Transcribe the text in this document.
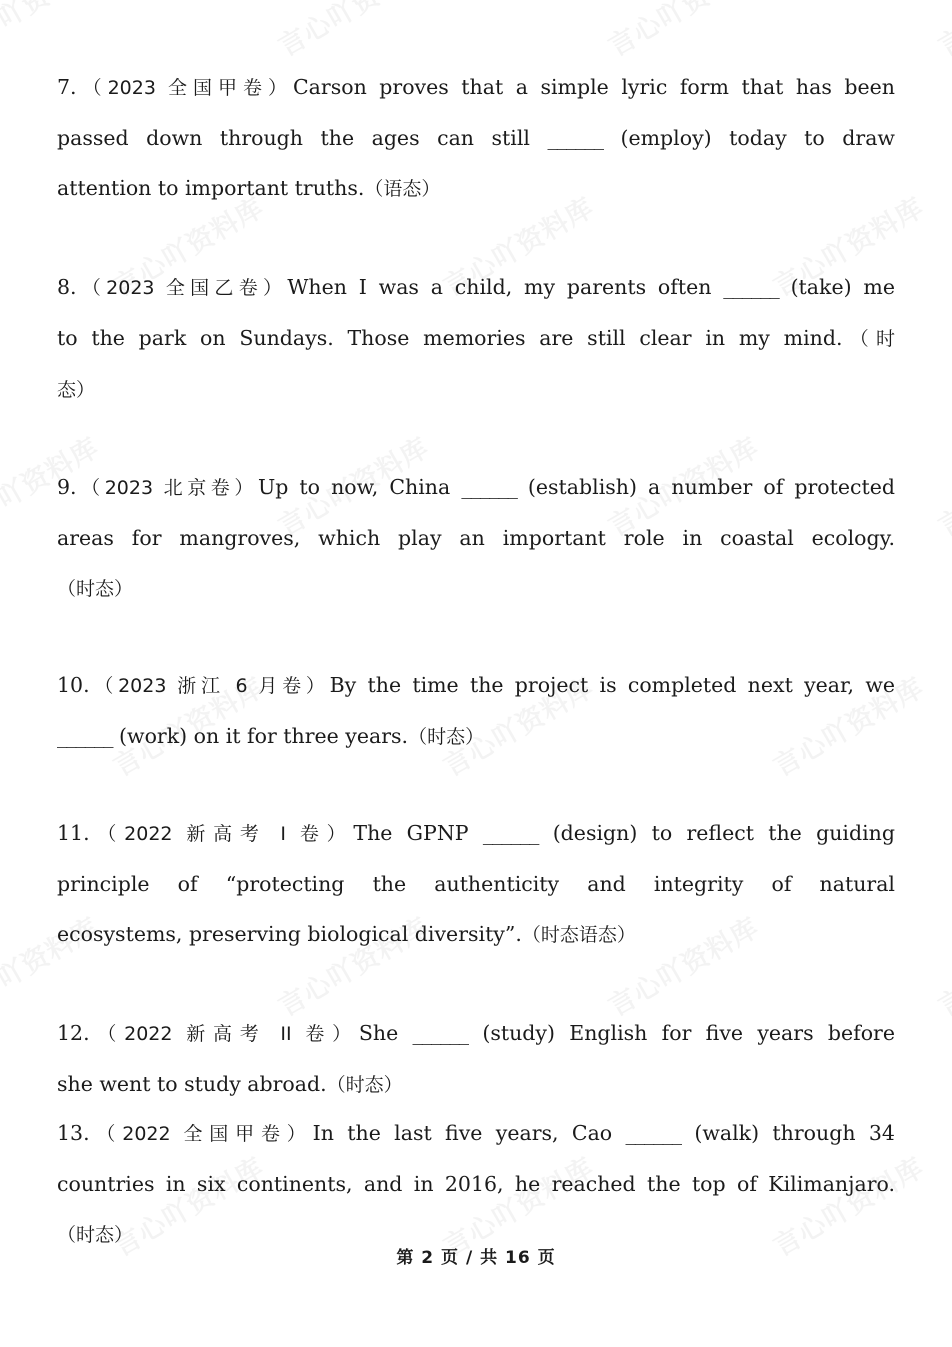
7.（2023 全国甲卷）Carson proves that a simple lyric form that has been
passed down through the ages can still ______ (employ) today to draw
attention to important truths.（语态）
8.（2023 全国乙卷）When I was a child, my parents often ______ (take) me
to the park on Sundays. Those memories are still clear in my mind.（时
态）
9.（2023 北京卷）Up to now, China ______ (establish) a number of protected
areas for mangroves, which play an important role in coastal ecology.
（时态）
10.（2023 浙江 6 月卷）By the time the project is completed next year, we
______ (work) on it for three years.（时态）
11.（2022 新高考 I 卷）The GPNP ______ (design) to reflect the guiding
principle of “protecting the authenticity and integrity of natural
ecosystems, preserving biological diversity”.（时态语态）
12.（2022 新高考 II 卷）She ______ (study) English for five years before
she went to study abroad.（时态）
13.（2022 全国甲卷）In the last five years, Cao ______ (walk) through 34
countries in six continents, and in 2016, he reached the top of Kilimanjaro.
（时态）
第 2 页 / 共 16 页
